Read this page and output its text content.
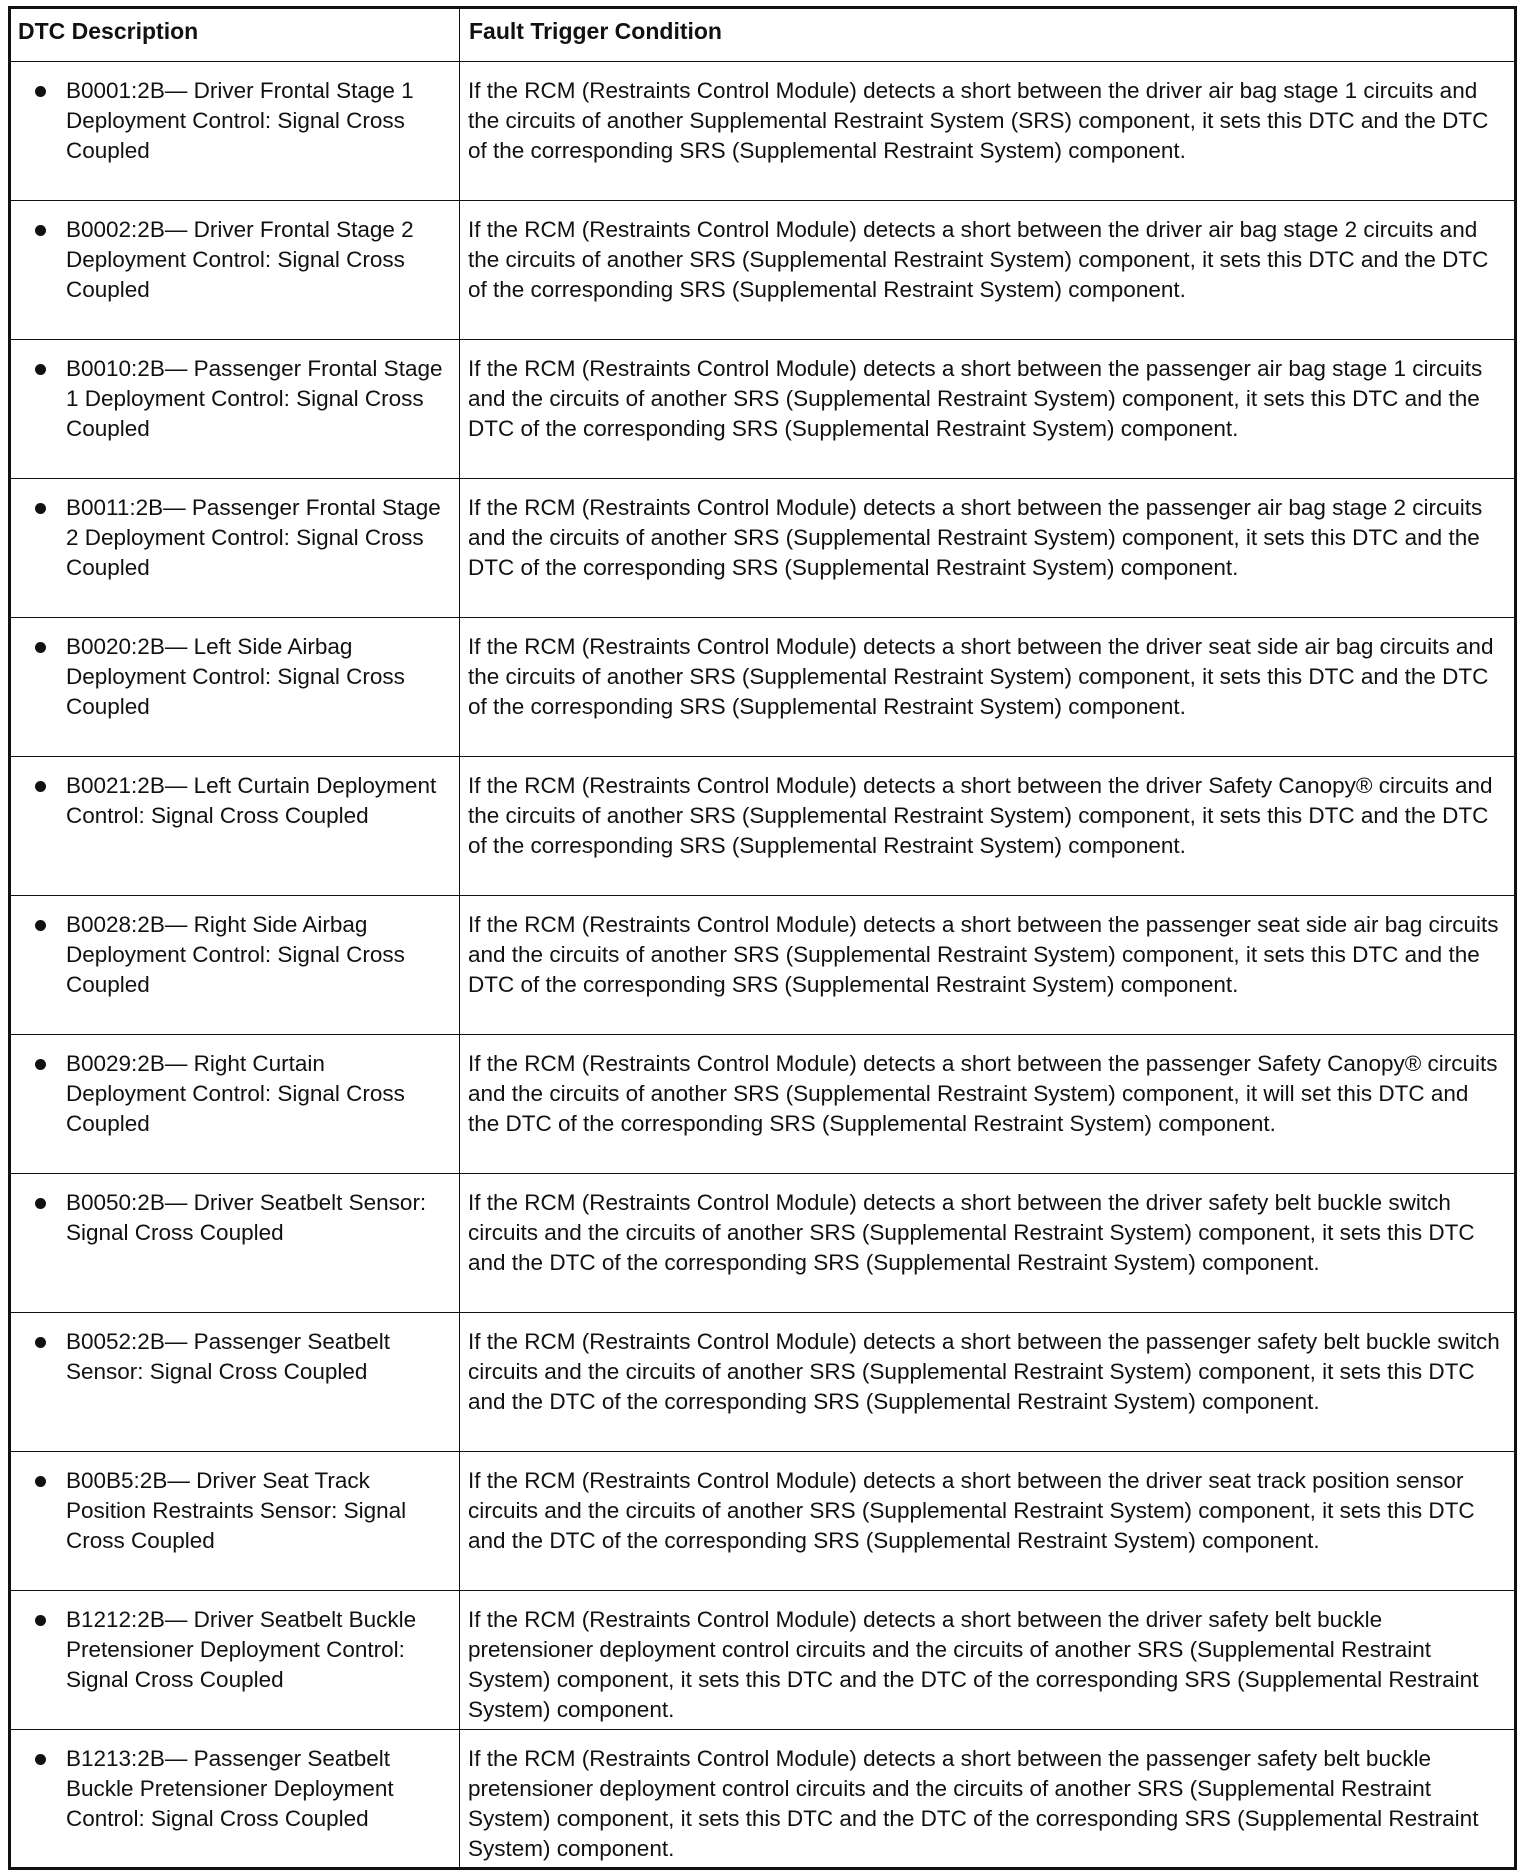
DTC Description	Fault Trigger Condition

B0001:2B— Driver Frontal Stage 1 Deployment Control: Signal Cross Coupled	If the RCM (Restraints Control Module) detects a short between the driver air bag stage 1 circuits and the circuits of another Supplemental Restraint System (SRS) component, it sets this DTC and the DTC of the corresponding SRS (Supplemental Restraint System) component.

B0002:2B— Driver Frontal Stage 2 Deployment Control: Signal Cross Coupled	If the RCM (Restraints Control Module) detects a short between the driver air bag stage 2 circuits and the circuits of another SRS (Supplemental Restraint System) component, it sets this DTC and the DTC of the corresponding SRS (Supplemental Restraint System) component.

B0010:2B— Passenger Frontal Stage 1 Deployment Control: Signal Cross Coupled	If the RCM (Restraints Control Module) detects a short between the passenger air bag stage 1 circuits and the circuits of another SRS (Supplemental Restraint System) component, it sets this DTC and the DTC of the corresponding SRS (Supplemental Restraint System) component.

B0011:2B— Passenger Frontal Stage 2 Deployment Control: Signal Cross Coupled	If the RCM (Restraints Control Module) detects a short between the passenger air bag stage 2 circuits and the circuits of another SRS (Supplemental Restraint System) component, it sets this DTC and the DTC of the corresponding SRS (Supplemental Restraint System) component.

B0020:2B— Left Side Airbag Deployment Control: Signal Cross Coupled	If the RCM (Restraints Control Module) detects a short between the driver seat side air bag circuits and the circuits of another SRS (Supplemental Restraint System) component, it sets this DTC and the DTC of the corresponding SRS (Supplemental Restraint System) component.

B0021:2B— Left Curtain Deployment Control: Signal Cross Coupled	If the RCM (Restraints Control Module) detects a short between the driver Safety Canopy® circuits and the circuits of another SRS (Supplemental Restraint System) component, it sets this DTC and the DTC of the corresponding SRS (Supplemental Restraint System) component.

B0028:2B— Right Side Airbag Deployment Control: Signal Cross Coupled	If the RCM (Restraints Control Module) detects a short between the passenger seat side air bag circuits and the circuits of another SRS (Supplemental Restraint System) component, it sets this DTC and the DTC of the corresponding SRS (Supplemental Restraint System) component.

B0029:2B— Right Curtain Deployment Control: Signal Cross Coupled	If the RCM (Restraints Control Module) detects a short between the passenger Safety Canopy® circuits and the circuits of another SRS (Supplemental Restraint System) component, it will set this DTC and the DTC of the corresponding SRS (Supplemental Restraint System) component.

B0050:2B— Driver Seatbelt Sensor: Signal Cross Coupled	If the RCM (Restraints Control Module) detects a short between the driver safety belt buckle switch circuits and the circuits of another SRS (Supplemental Restraint System) component, it sets this DTC and the DTC of the corresponding SRS (Supplemental Restraint System) component.

B0052:2B— Passenger Seatbelt Sensor: Signal Cross Coupled	If the RCM (Restraints Control Module) detects a short between the passenger safety belt buckle switch circuits and the circuits of another SRS (Supplemental Restraint System) component, it sets this DTC and the DTC of the corresponding SRS (Supplemental Restraint System) component.

B00B5:2B— Driver Seat Track Position Restraints Sensor: Signal Cross Coupled	If the RCM (Restraints Control Module) detects a short between the driver seat track position sensor circuits and the circuits of another SRS (Supplemental Restraint System) component, it sets this DTC and the DTC of the corresponding SRS (Supplemental Restraint System) component.

B1212:2B— Driver Seatbelt Buckle Pretensioner Deployment Control: Signal Cross Coupled	If the RCM (Restraints Control Module) detects a short between the driver safety belt buckle pretensioner deployment control circuits and the circuits of another SRS (Supplemental Restraint System) component, it sets this DTC and the DTC of the corresponding SRS (Supplemental Restraint System) component.

B1213:2B— Passenger Seatbelt Buckle Pretensioner Deployment Control: Signal Cross Coupled	If the RCM (Restraints Control Module) detects a short between the passenger safety belt buckle pretensioner deployment control circuits and the circuits of another SRS (Supplemental Restraint System) component, it sets this DTC and the DTC of the corresponding SRS (Supplemental Restraint System) component.
